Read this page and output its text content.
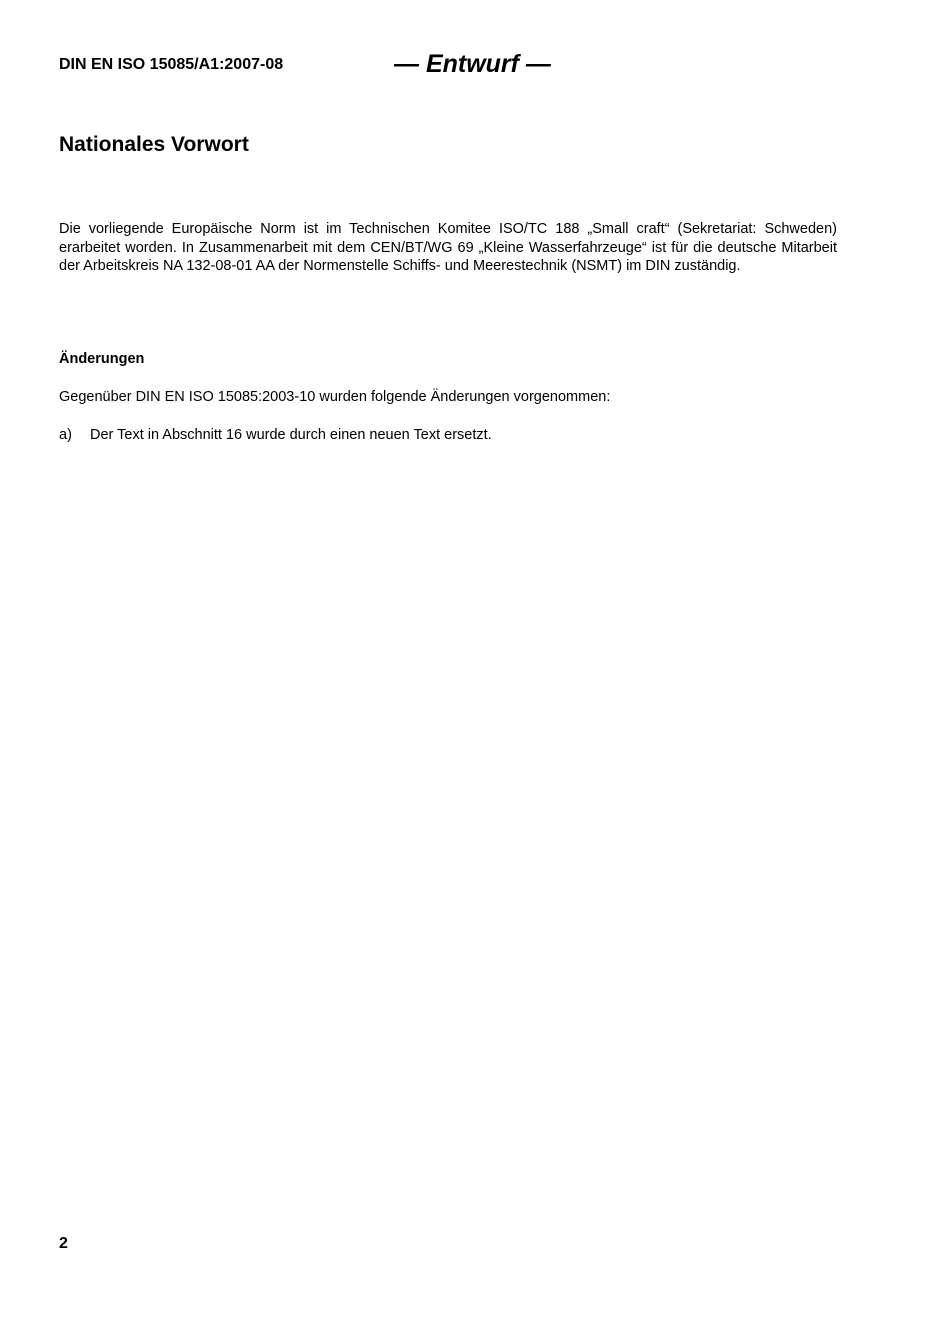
DIN EN ISO 15085/A1:2007-08	— Entwurf —
Nationales Vorwort

Die vorliegende Europäische Norm ist im Technischen Komitee ISO/TC 188 „Small craft“ (Sekretariat: Schweden) erarbeitet worden. In Zusammenarbeit mit dem CEN/BT/WG 69 „Kleine Wasserfahrzeuge“ ist für die deutsche Mitarbeit der Arbeitskreis NA 132-08-01 AA der Normenstelle Schiffs- und Meerestechnik (NSMT) im DIN zuständig.

Änderungen

Gegenüber DIN EN ISO 15085:2003-10 wurden folgende Änderungen vorgenommen:

a) Der Text in Abschnitt 16 wurde durch einen neuen Text ersetzt.
2
